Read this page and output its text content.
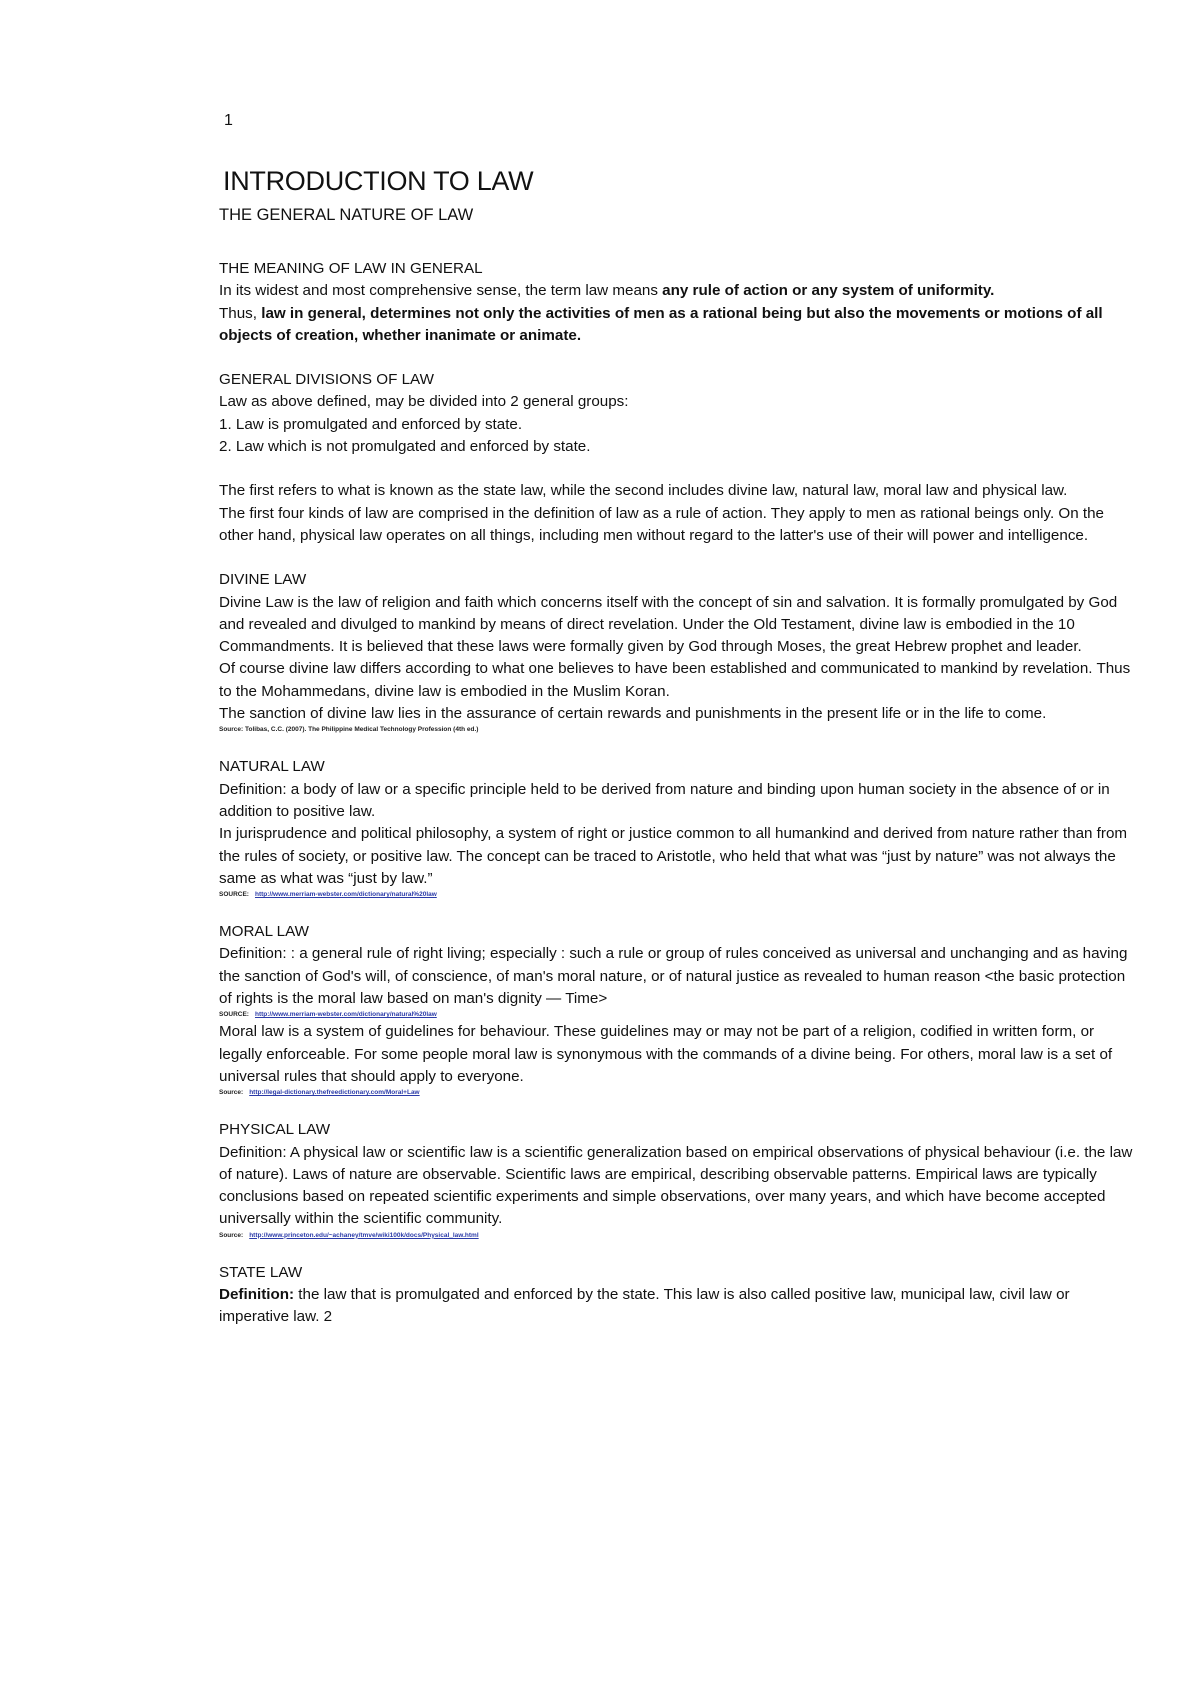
1
INTRODUCTION TO LAW
THE GENERAL NATURE OF LAW
THE MEANING OF LAW IN GENERAL

In its widest and most comprehensive sense, the term law means any rule of action or any system of uniformity.

Thus, law in general, determines not only the activities of men as a rational being but also the movements or motions of all objects of creation, whether inanimate or animate.

GENERAL DIVISIONS OF LAW

Law as above defined, may be divided into 2 general groups:

1. Law is promulgated and enforced by state.

2. Law which is not promulgated and enforced by state.

The first refers to what is known as the state law, while the second includes divine law, natural law, moral law and physical law.

The first four kinds of law are comprised in the definition of law as a rule of action. They apply to men as rational beings only. On the other hand, physical law operates on all things, including men without regard to the latter's use of their will power and intelligence.

DIVINE LAW

Divine Law is the law of religion and faith which concerns itself with the concept of sin and salvation. It is formally promulgated by God and revealed and divulged to mankind by means of direct revelation. Under the Old Testament, divine law is embodied in the 10 Commandments. It is believed that these laws were formally given by God through Moses, the great Hebrew prophet and leader.

Of course divine law differs according to what one believes to have been established and communicated to mankind by revelation. Thus to the Mohammedans, divine law is embodied in the Muslim Koran.

The sanction of divine law lies in the assurance of certain rewards and punishments in the present life or in the life to come.

Source: Tolibas, C.C. (2007). The Philippine Medical Technology Profession (4th ed.)
NATURAL LAW

Definition: a body of law or a specific principle held to be derived from nature and binding upon human society in the absence of or in addition to positive law.

In jurisprudence and political philosophy, a system of right or justice common to all humankind and derived from nature rather than from the rules of society, or positive law. The concept can be traced to Aristotle, who held that what was “just by nature” was not always the same as what was “just by law.”

SOURCE: http://www.merriam-webster.com/dictionary/natural%20law
MORAL LAW

Definition: : a general rule of right living; especially : such a rule or group of rules conceived as universal and unchanging and as having the sanction of God's will, of conscience, of man's moral nature, or of natural justice as revealed to human reason <the basic protection of rights is the moral law based on man's dignity — Time>

SOURCE: http://www.merriam-webster.com/dictionary/natural%20law

Moral law is a system of guidelines for behaviour. These guidelines may or may not be part of a religion, codified in written form, or legally enforceable. For some people moral law is synonymous with the commands of a divine being. For others, moral law is a set of universal rules that should apply to everyone.

Source: http://legal-dictionary.thefreedictionary.com/Moral+Law
PHYSICAL LAW

Definition: A physical law or scientific law is a scientific generalization based on empirical observations of physical behaviour (i.e. the law of nature). Laws of nature are observable. Scientific laws are empirical, describing observable patterns. Empirical laws are typically conclusions based on repeated scientific experiments and simple observations, over many years, and which have become accepted universally within the scientific community.

Source: http://www.princeton.edu/~achaney/tmve/wiki100k/docs/Physical_law.html
STATE LAW

Definition: the law that is promulgated and enforced by the state. This law is also called positive law, municipal law, civil law or imperative law. 2
